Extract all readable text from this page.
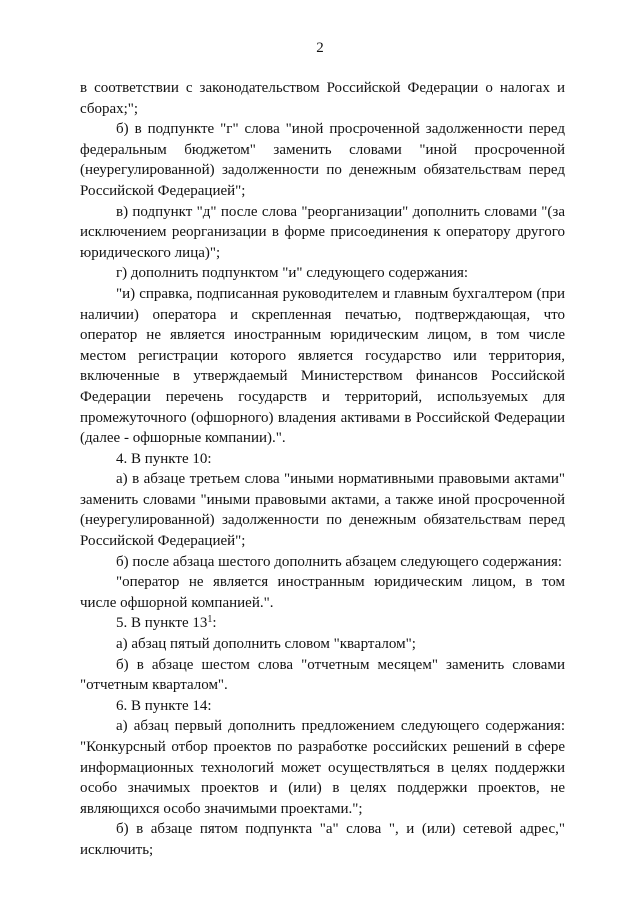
2

в соответствии с законодательством Российской Федерации о налогах и сборах;";

б) в подпункте "г" слова "иной просроченной задолженности перед федеральным бюджетом" заменить словами "иной просроченной (неурегулированной) задолженности по денежным обязательствам перед Российской Федерацией";

в) подпункт "д" после слова "реорганизации" дополнить словами "(за исключением реорганизации в форме присоединения к оператору другого юридического лица)";

г) дополнить подпунктом "и" следующего содержания:

"и) справка, подписанная руководителем и главным бухгалтером (при наличии) оператора и скрепленная печатью, подтверждающая, что оператор не является иностранным юридическим лицом, в том числе местом регистрации которого является государство или территория, включенные в утверждаемый Министерством финансов Российской Федерации перечень государств и территорий, используемых для промежуточного (офшорного) владения активами в Российской Федерации (далее - офшорные компании).".

4. В пункте 10:

а) в абзаце третьем слова "иными нормативными правовыми актами" заменить словами "иными правовыми актами, а также иной просроченной (неурегулированной) задолженности по денежным обязательствам перед Российской Федерацией";

б) после абзаца шестого дополнить абзацем следующего содержания:

"оператор не является иностранным юридическим лицом, в том числе офшорной компанией.".

5. В пункте $13^1$:

а) абзац пятый дополнить словом "кварталом";

б) в абзаце шестом слова "отчетным месяцем" заменить словами "отчетным кварталом".

6. В пункте 14:

а) абзац первый дополнить предложением следующего содержания: "Конкурсный отбор проектов по разработке российских решений в сфере информационных технологий может осуществляться в целях поддержки особо значимых проектов и (или) в целях поддержки проектов, не являющихся особо значимыми проектами.";

б) в абзаце пятом подпункта "а" слова ", и (или) сетевой адрес," исключить;
